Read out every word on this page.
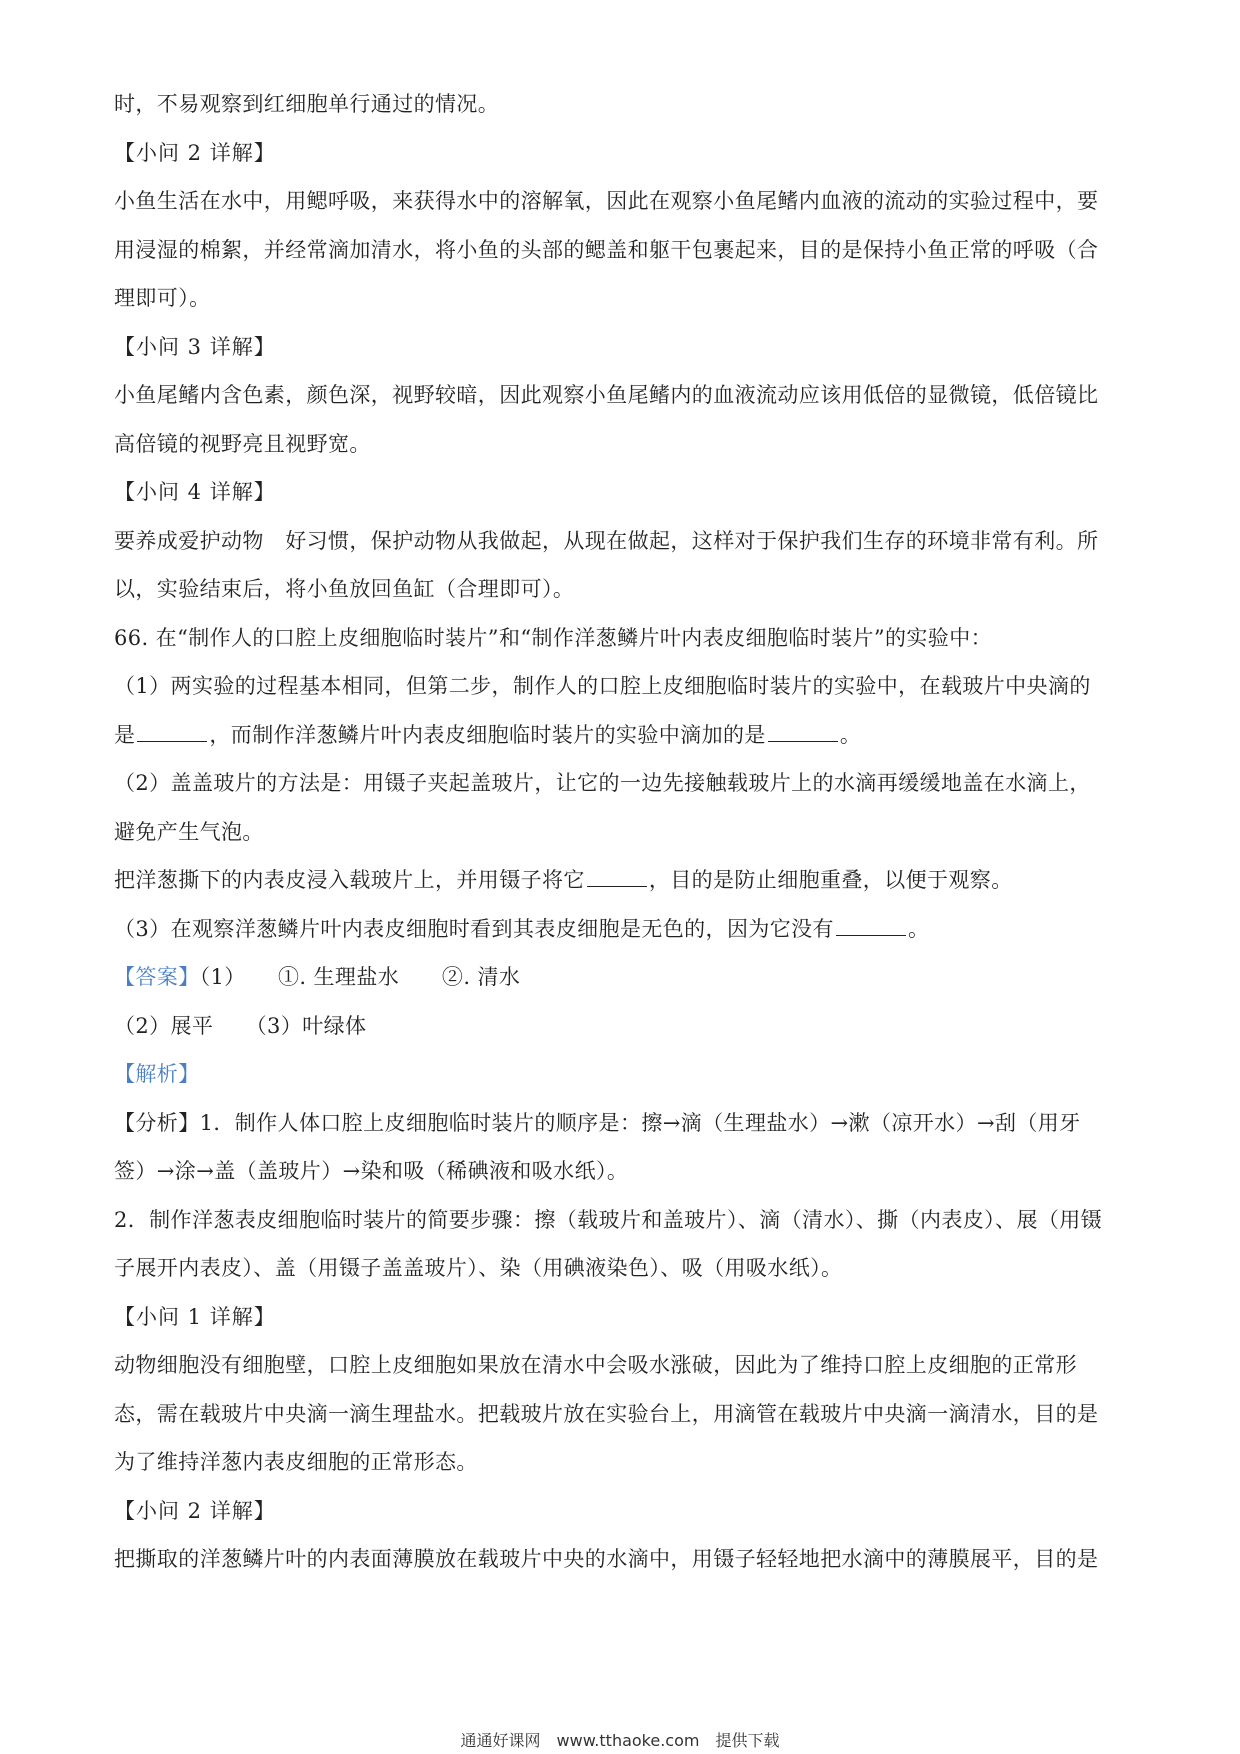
时，不易观察到红细胞单行通过的情况。
【小问 2 详解】
小鱼生活在水中，用鳃呼吸，来获得水中的溶解氧，因此在观察小鱼尾鳍内血液的流动的实验过程中，要
用浸湿的棉絮，并经常滴加清水，将小鱼的头部的鳃盖和躯干包裹起来，目的是保持小鱼正常的呼吸（合
理即可）。
【小问 3 详解】
小鱼尾鳍内含色素，颜色深，视野较暗，因此观察小鱼尾鳍内的血液流动应该用低倍的显微镜，低倍镜比
高倍镜的视野亮且视野宽。
【小问 4 详解】
要养成爱护动物　好习惯，保护动物从我做起，从现在做起，这样对于保护我们生存的环境非常有利。所
以，实验结束后，将小鱼放回鱼缸（合理即可）。
66. 在“制作人的口腔上皮细胞临时装片”和“制作洋葱鳞片叶内表皮细胞临时装片”的实验中：
（1）两实验的过程基本相同，但第二步，制作人的口腔上皮细胞临时装片的实验中，在载玻片中央滴的
是	，而制作洋葱鳞片叶内表皮细胞临时装片的实验中滴加的是	。
（2）盖盖玻片的方法是：用镊子夹起盖玻片，让它的一边先接触载玻片上的水滴再缓缓地盖在水滴上，
避免产生气泡。
把洋葱撕下的内表皮浸入载玻片上，并用镊子将它	，目的是防止细胞重叠，以便于观察。
（3）在观察洋葱鳞片叶内表皮细胞时看到其表皮细胞是无色的，因为它没有	。
【答案】（1）　　①. 生理盐水　　②. 清水
（2）展平　　（3）叶绿体
【解析】
【分析】1．制作人体口腔上皮细胞临时装片的顺序是：擦→滴（生理盐水）→漱（凉开水）→刮（用牙
签）→涂→盖（盖玻片）→染和吸（稀碘液和吸水纸）。
2．制作洋葱表皮细胞临时装片的简要步骤：擦（载玻片和盖玻片）、滴（清水）、撕（内表皮）、展（用镊
子展开内表皮）、盖（用镊子盖盖玻片）、染（用碘液染色）、吸（用吸水纸）。
【小问 1 详解】
动物细胞没有细胞壁，口腔上皮细胞如果放在清水中会吸水涨破，因此为了维持口腔上皮细胞的正常形
态，需在载玻片中央滴一滴生理盐水。把载玻片放在实验台上，用滴管在载玻片中央滴一滴清水，目的是
为了维持洋葱内表皮细胞的正常形态。
【小问 2 详解】
把撕取的洋葱鳞片叶的内表面薄膜放在载玻片中央的水滴中，用镊子轻轻地把水滴中的薄膜展平，目的是
通通好课网　www.tthaoke.com　提供下载
